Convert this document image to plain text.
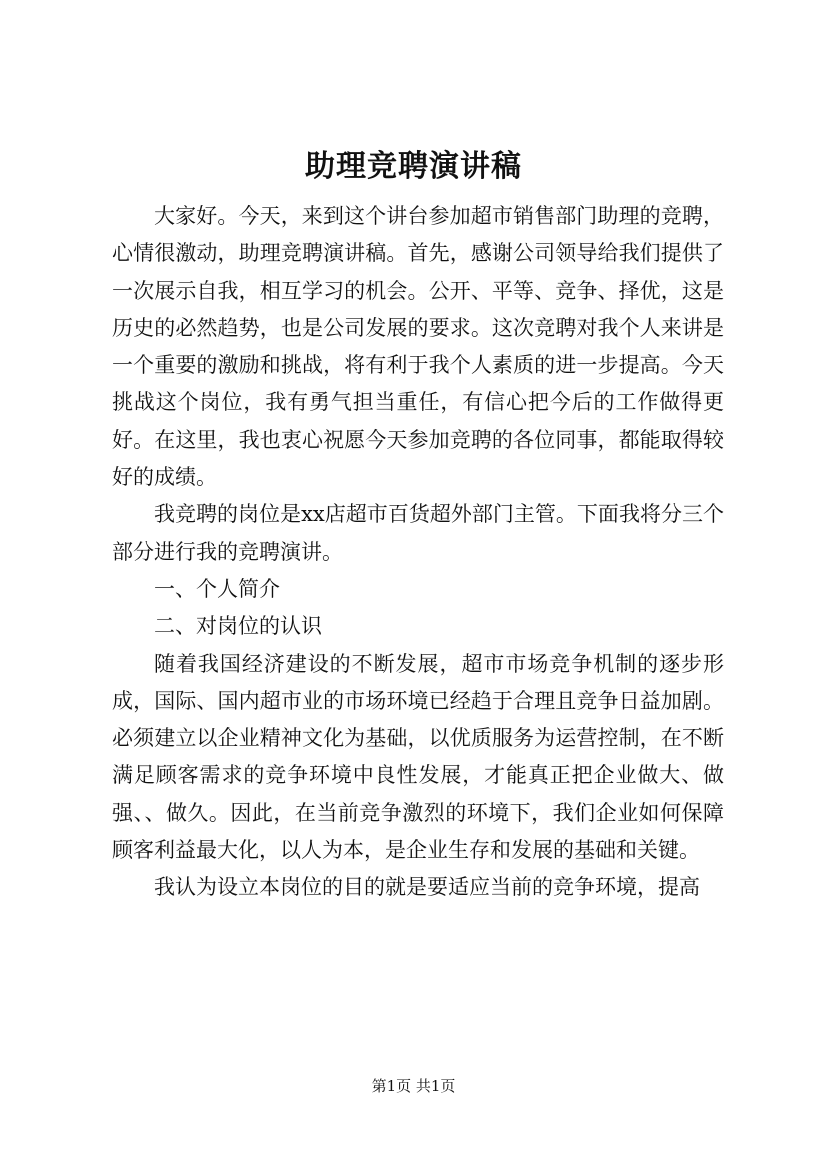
助理竞聘演讲稿

大家好。今天，来到这个讲台参加超市销售部门助理的竞聘，心情很激动，助理竞聘演讲稿。首先，感谢公司领导给我们提供了一次展示自我，相互学习的机会。公开、平等、竞争、择优，这是历史的必然趋势，也是公司发展的要求。这次竞聘对我个人来讲是一个重要的激励和挑战，将有利于我个人素质的进一步提高。今天挑战这个岗位，我有勇气担当重任，有信心把今后的工作做得更好。在这里，我也衷心祝愿今天参加竞聘的各位同事，都能取得较好的成绩。

我竞聘的岗位是xx店超市百货超外部门主管。下面我将分三个部分进行我的竞聘演讲。

一、个人简介

二、对岗位的认识

随着我国经济建设的不断发展，超市市场竞争机制的逐步形成，国际、国内超市业的市场环境已经趋于合理且竞争日益加剧。必须建立以企业精神文化为基础，以优质服务为运营控制，在不断满足顾客需求的竞争环境中良性发展，才能真正把企业做大、做强、、做久。因此，在当前竞争激烈的环境下，我们企业如何保障顾客利益最大化，以人为本，是企业生存和发展的基础和关键。

我认为设立本岗位的目的就是要适应当前的竞争环境，提高

第1页 共1页
